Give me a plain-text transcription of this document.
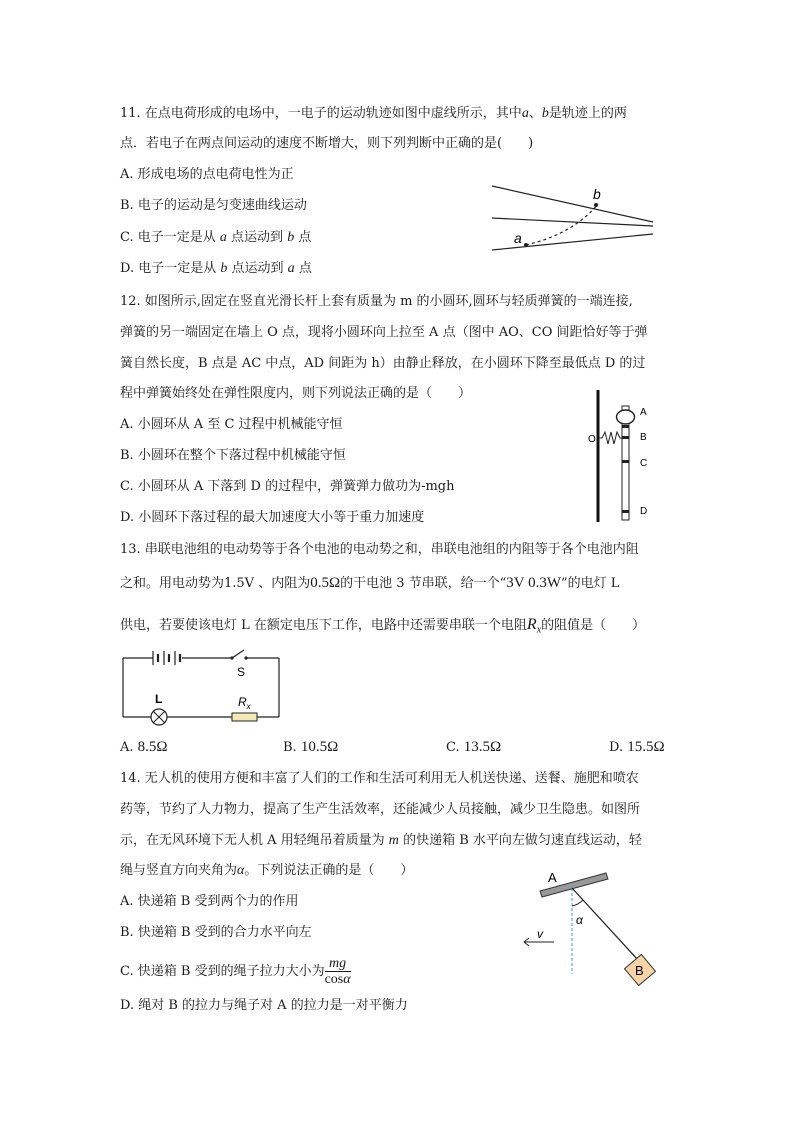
11. 在点电荷形成的电场中，一电子的运动轨迹如图中虚线所示，其中a、b是轨迹上的两
点．若电子在两点间运动的速度不断增大，则下列判断中正确的是(　　)
A. 形成电场的点电荷电性为正
B. 电子的运动是匀变速曲线运动
C. 电子一定是从 a 点运动到 b 点
D. 电子一定是从 b 点运动到 a 点
a
b
12. 如图所示,固定在竖直光滑长杆上套有质量为 m 的小圆环,圆环与轻质弹簧的一端连接,
弹簧的另一端固定在墙上 O 点，现将小圆环向上拉至 A 点（图中 AO、CO 间距恰好等于弹
簧自然长度，B 点是 AC 中点，AD 间距为 h）由静止释放，在小圆环下降至最低点 D 的过
程中弹簧始终处在弹性限度内，则下列说法正确的是（　　）
A. 小圆环从 A 至 C 过程中机械能守恒
B. 小圆环在整个下落过程中机械能守恒
C. 小圆环从 A 下落到 D 的过程中，弹簧弹力做功为-mgh
D. 小圆环下落过程的最大加速度大小等于重力加速度
O
A
B
C
D
13. 串联电池组的电动势等于各个电池的电动势之和，串联电池组的内阻等于各个电池内阻
之和。用电动势为1.5V 、内阻为0.5Ω的干电池 3 节串联，给一个“3V 0.3W”的电灯 L
供电，若要使该电灯 L 在额定电压下工作，电路中还需要串联一个电阻$R_x$的阻值是（　　）
S
L	$R_x$
A. 8.5Ω	B. 10.5Ω	C. 13.5Ω	D. 15.5Ω
14. 无人机的使用方便和丰富了人们的工作和生活可利用无人机送快递、送餐、施肥和喷农
药等，节约了人力物力，提高了生产生活效率，还能减少人员接触，减少卫生隐患。如图所
示，在无风环境下无人机 A 用轻绳吊着质量为 m 的快递箱 B 水平向左做匀速直线运动，轻
绳与竖直方向夹角为α。下列说法正确的是（　　）
A. 快递箱 B 受到两个力的作用
B. 快递箱 B 受到的合力水平向左
C. 快递箱 B 受到的绳子拉力大小为 $\frac{mg}{\cos\alpha}$
D. 绳对 B 的拉力与绳子对 A 的拉力是一对平衡力
A
α
v
B
